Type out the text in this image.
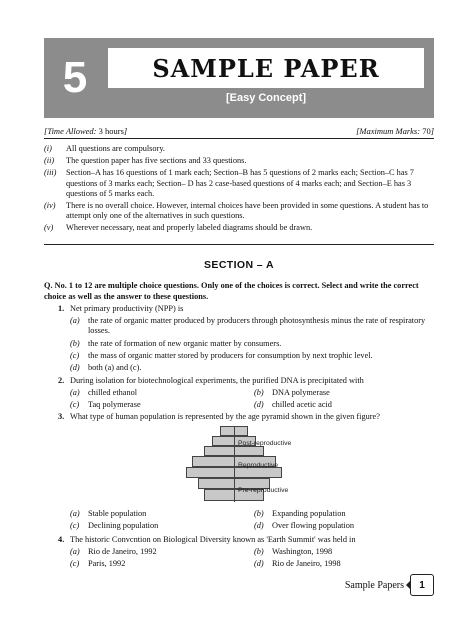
5	SAMPLE PAPER
[Easy Concept]
[Time Allowed: 3 hours]	[Maximum Marks: 70]
(i)	All questions are compulsory.
(ii)	The question paper has five sections and 33 questions.
(iii)	Section–A has 16 questions of 1 mark each; Section–B has 5 questions of 2 marks each; Section–C has 7 questions of 3 marks each; Section– D has 2 case-based questions of 4 marks each; and Section–E has 3 questions of 5 marks each.
(iv)	There is no overall choice. However, internal choices have been provided in some questions. A student has to attempt only one of the alternatives in such questions.
(v)	Wherever necessary, neat and properly labeled diagrams should be drawn.
SECTION – A
Q. No. 1 to 12 are multiple choice questions. Only one of the choices is correct. Select and write the correct choice as well as the answer to these questions.
1. Net primary productivity (NPP) is
(a)	the rate of organic matter produced by producers through photosynthesis minus the rate of respiratory losses.
(b)	the rate of formation of new organic matter by consumers.
(c)	the mass of organic matter stored by producers for consumption by next trophic level.
(d)	both (a) and (c).
2. During isolation for biotechnological experiments, the purified DNA is precipitated with
(a)	chilled ethanol	(b)	DNA polymerase
(c)	Taq polymerase	(d)	chilled acetic acid
3. What type of human population is represented by the age pyramid shown in the given figure?
Post-reproductive
Reproductive
Pre-reproductive
(a)	Stable population	(b)	Expanding population
(c)	Declining population	(d)	Over flowing population
4. The historic Convcntion on Biological Diversity known as 'Earth Summit' was held in
(a)	Rio de Janeiro, 1992	(b)	Washington, 1998
(c)	Paris, 1992	(d)	Rio de Janeiro, 1998
Sample Papers	1
